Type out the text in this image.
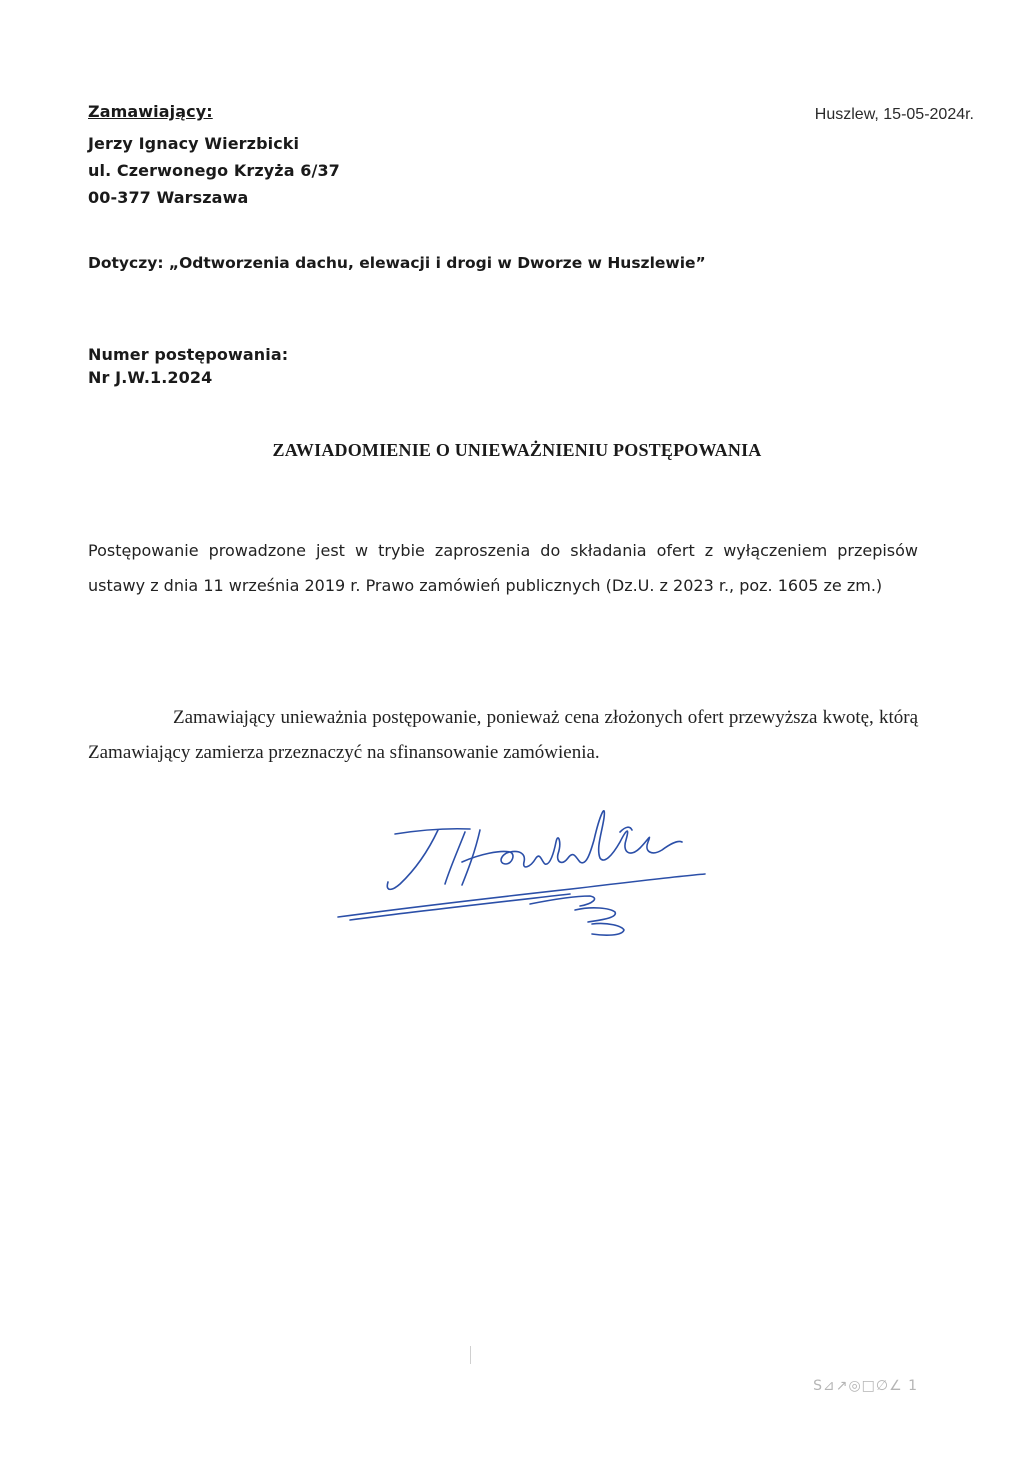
Zamawiający:
Jerzy Ignacy Wierzbicki
ul. Czerwonego Krzyża 6/37
00-377 Warszawa
Huszlew, 15-05-2024r.
Dotyczy: „Odtworzenia dachu, elewacji i drogi w Dworze w Huszlewie”
Numer postępowania:
Nr J.W.1.2024
ZAWIADOMIENIE O UNIEWAŻNIENIU POSTĘPOWANIA
Postępowanie prowadzone jest w trybie zaproszenia do składania ofert z wyłączeniem przepisów ustawy z dnia 11 września 2019 r. Prawo zamówień publicznych (Dz.U. z 2023 r., poz. 1605 ze zm.)
Zamawiający unieważnia postępowanie, ponieważ cena złożonych ofert przewyższa kwotę, którą Zamawiający zamierza przeznaczyć na sfinansowanie zamówienia.
S⊿↗◎□∅∠ 1
